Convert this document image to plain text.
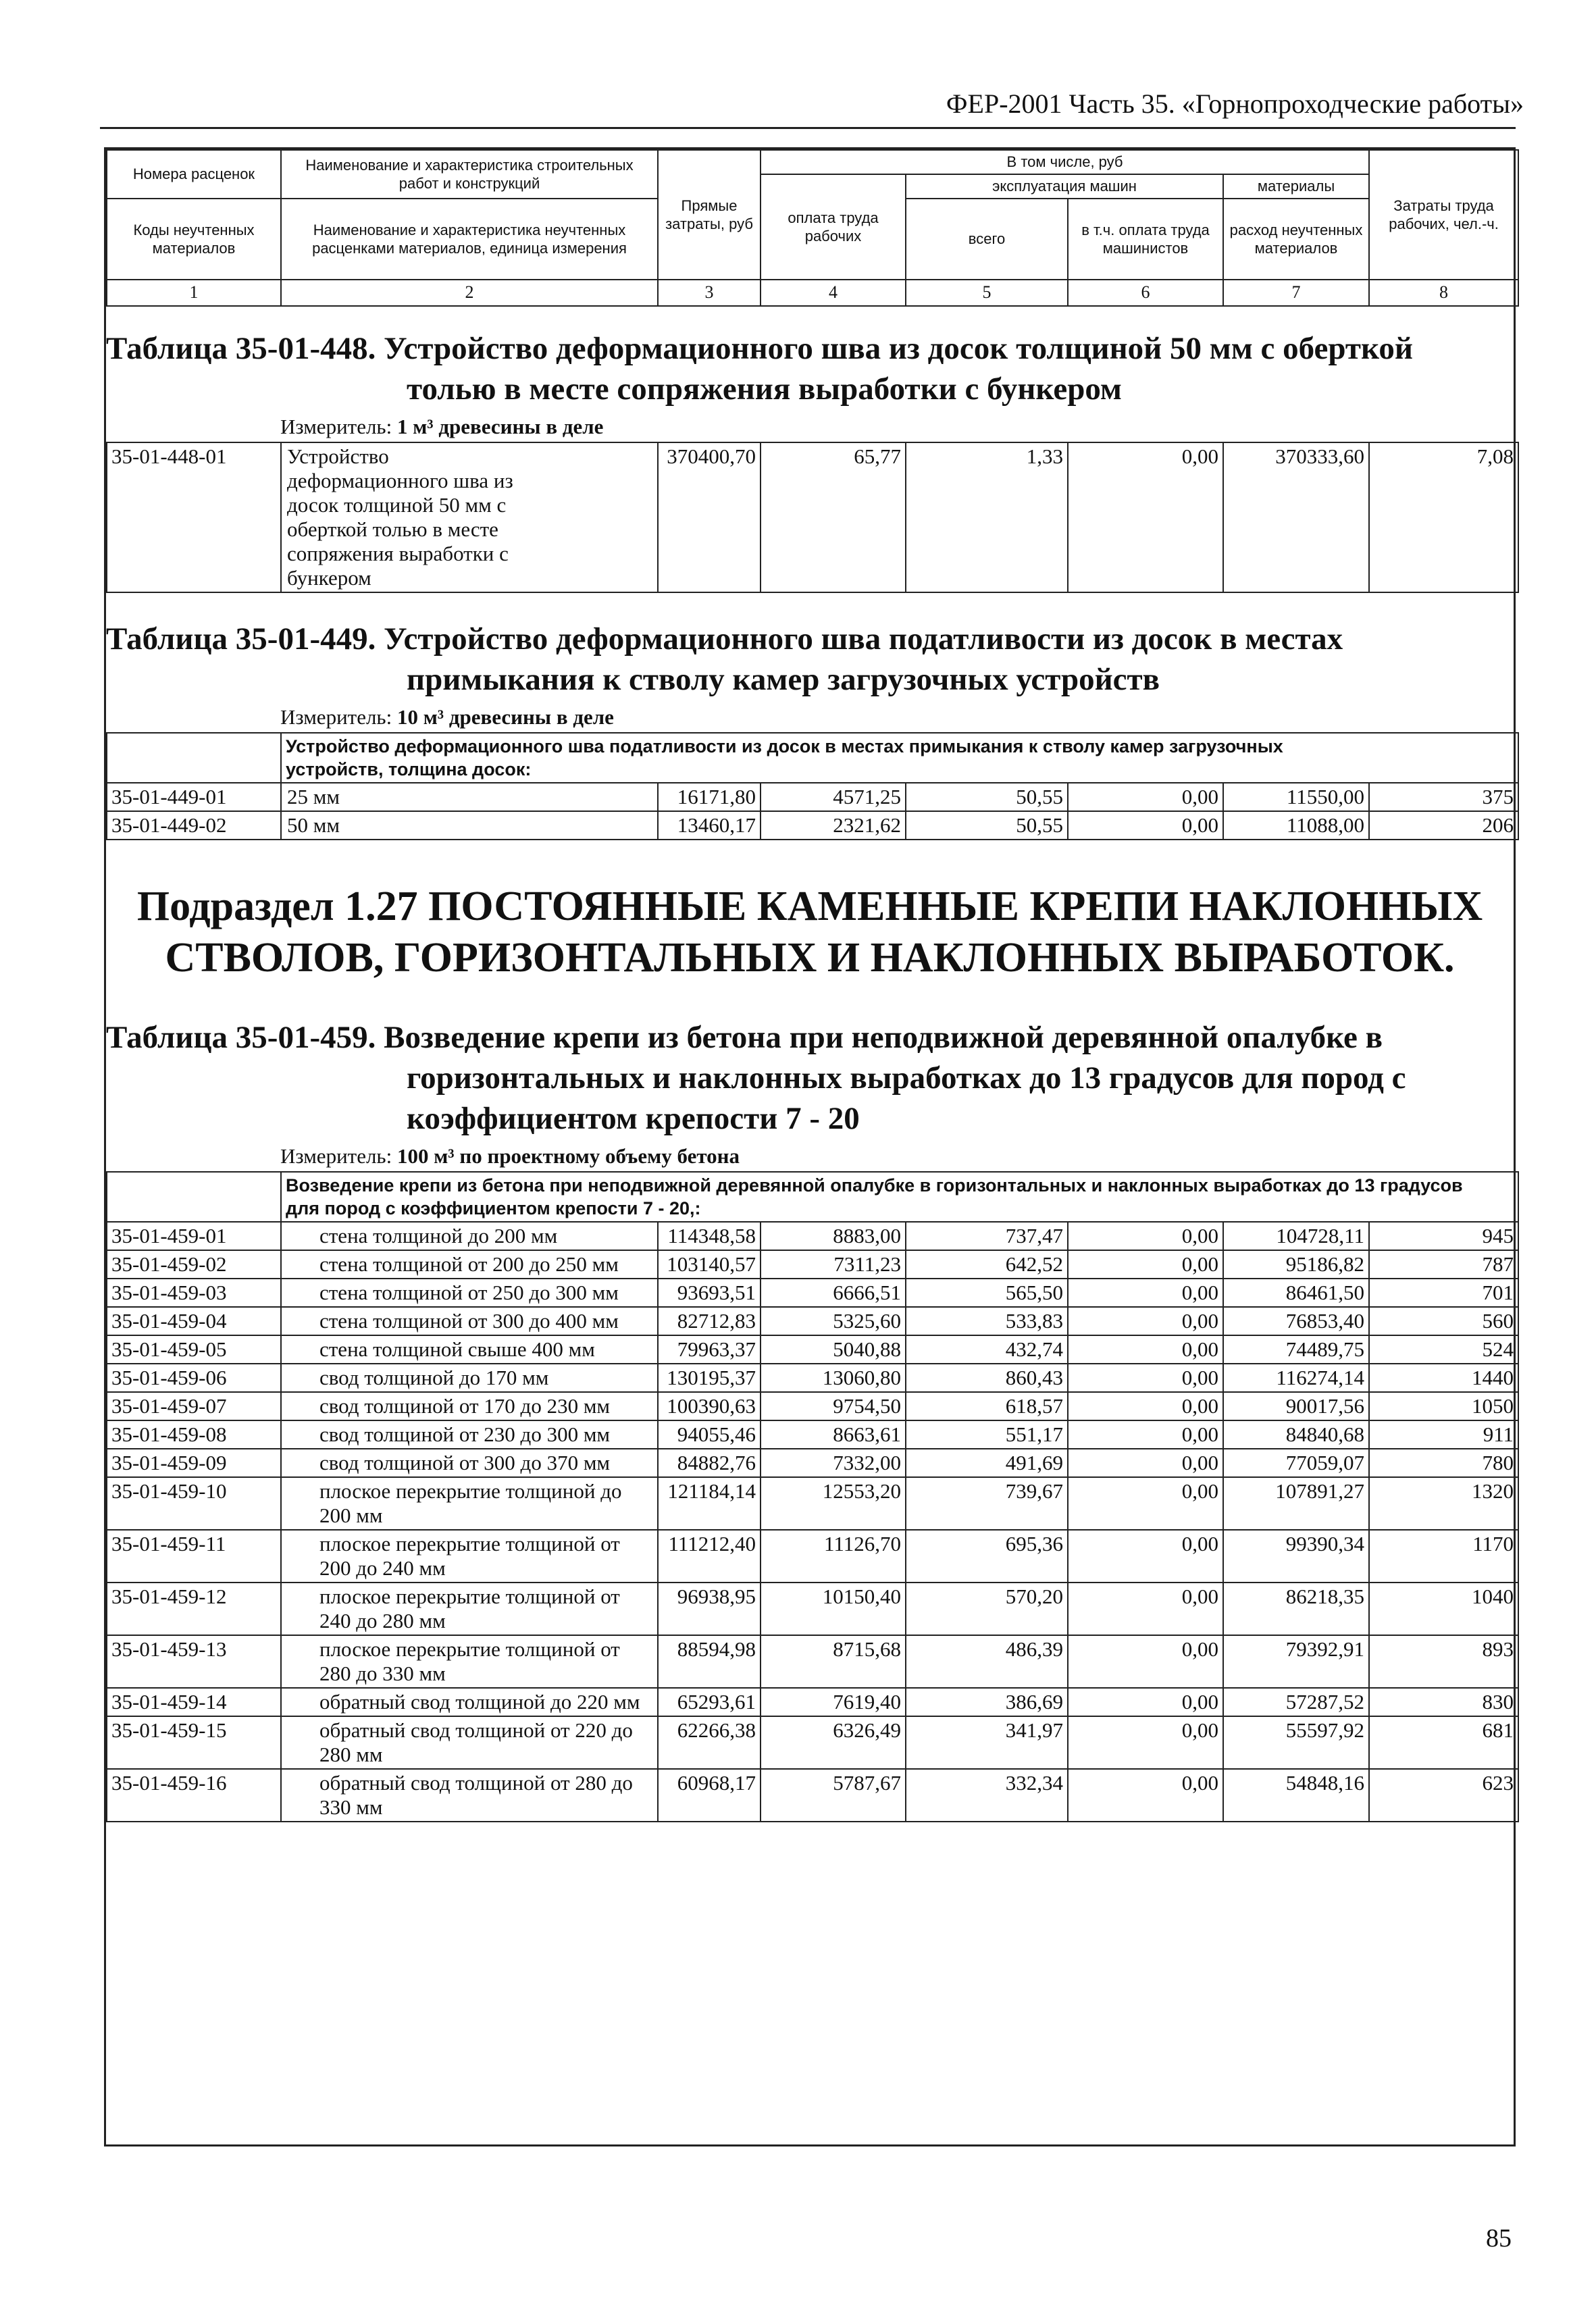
ФЕР-2001 Часть 35. «Горнопроходческие работы»
Номера расценок	Наименование и характеристика строительных работ и конструкций	Прямые затраты, руб	В том числе, руб				Затраты труда рабочих, чел.-ч.
			оплата труда рабочих	эксплуатация машин		материалы	
Коды неучтенных материалов	Наименование и характеристика неучтенных расценками материалов, единица измерения			всего	в т.ч. оплата труда машинистов	расход неучтенных материалов	

1	2	3	4	5	6	7	8
Таблица 35-01-448. Устройство деформационного шва из досок толщиной 50 мм с оберткой
толью в месте сопряжения выработки с бункером
Измеритель: 1 м³ древесины в деле
35-01-448-01	Устройство деформационного шва из досок толщиной 50 мм с оберткой толью в месте сопряжения выработки с бункером	370400,70	65,77	1,33	0,00	370333,60	7,08
Таблица 35-01-449. Устройство деформационного шва податливости из досок в местах
примыкания к стволу камер загрузочных устройств
Измеритель: 10 м³ древесины в деле
	Устройство деформационного шва податливости из досок в местах примыкания к стволу камер загрузочных устройств, толщина досок:						
35-01-449-01	25 мм	16171,80	4571,25	50,55	0,00	11550,00	375
35-01-449-02	50 мм	13460,17	2321,62	50,55	0,00	11088,00	206
Подраздел 1.27 ПОСТОЯННЫЕ КАМЕННЫЕ КРЕПИ НАКЛОННЫХ
СТВОЛОВ, ГОРИЗОНТАЛЬНЫХ И НАКЛОННЫХ ВЫРАБОТОК.
Таблица 35-01-459. Возведение крепи из бетона при неподвижной деревянной опалубке в
горизонтальных и наклонных выработках до 13 градусов для пород с
коэффициентом крепости 7 - 20
Измеритель: 100 м³ по проектному объему бетона
	Возведение крепи из бетона при неподвижной деревянной опалубке в горизонтальных и наклонных выработках до 13 градусов для пород с коэффициентом крепости 7 - 20,:						
35-01-459-01	стена толщиной до 200 мм	114348,58	8883,00	737,47	0,00	104728,11	945
35-01-459-02	стена толщиной от 200 до 250 мм	103140,57	7311,23	642,52	0,00	95186,82	787
35-01-459-03	стена толщиной от 250 до 300 мм	93693,51	6666,51	565,50	0,00	86461,50	701
35-01-459-04	стена толщиной от 300 до 400 мм	82712,83	5325,60	533,83	0,00	76853,40	560
35-01-459-05	стена толщиной свыше 400 мм	79963,37	5040,88	432,74	0,00	74489,75	524
35-01-459-06	свод толщиной до 170 мм	130195,37	13060,80	860,43	0,00	116274,14	1440
35-01-459-07	свод толщиной от 170 до 230 мм	100390,63	9754,50	618,57	0,00	90017,56	1050
35-01-459-08	свод толщиной от 230 до 300 мм	94055,46	8663,61	551,17	0,00	84840,68	911
35-01-459-09	свод толщиной от 300 до 370 мм	84882,76	7332,00	491,69	0,00	77059,07	780
35-01-459-10	плоское перекрытие толщиной до 200 мм	121184,14	12553,20	739,67	0,00	107891,27	1320
35-01-459-11	плоское перекрытие толщиной от 200 до 240 мм	111212,40	11126,70	695,36	0,00	99390,34	1170
35-01-459-12	плоское перекрытие толщиной от 240 до 280 мм	96938,95	10150,40	570,20	0,00	86218,35	1040
35-01-459-13	плоское перекрытие толщиной от 280 до 330 мм	88594,98	8715,68	486,39	0,00	79392,91	893
35-01-459-14	обратный свод толщиной до 220 мм	65293,61	7619,40	386,69	0,00	57287,52	830
35-01-459-15	обратный свод толщиной от 220 до 280 мм	62266,38	6326,49	341,97	0,00	55597,92	681
35-01-459-16	обратный свод толщиной от 280 до 330 мм	60968,17	5787,67	332,34	0,00	54848,16	623
85
